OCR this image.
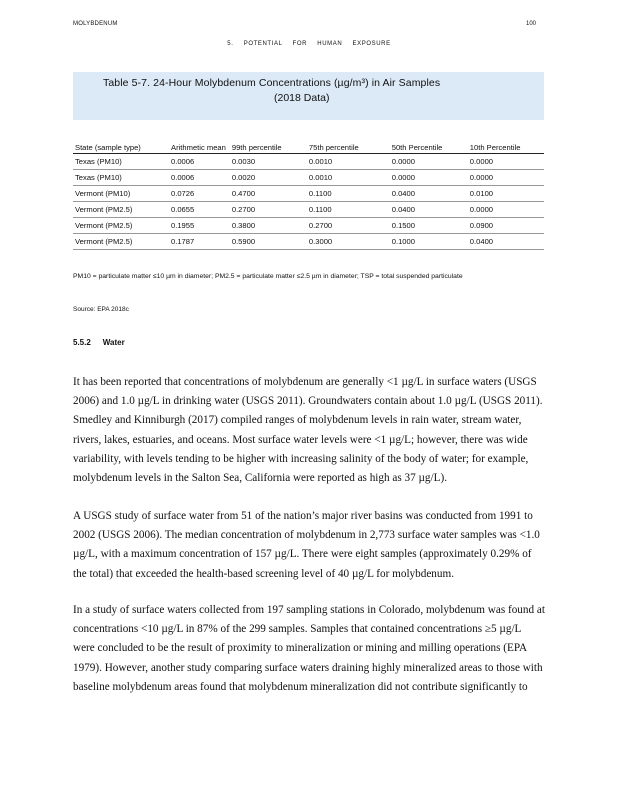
MOLYBDENUM	100
5. POTENTIAL FOR HUMAN EXPOSURE
Table 5-7. 24-Hour Molybdenum Concentrations (µg/m³) in Air Samples
(2018 Data)
State (sample type)	Arithmetic mean	99th percentile	75th percentile	50th Percentile	10th Percentile
Texas (PM10)	0.0006	0.0030	0.0010	0.0000	0.0000
Texas (PM10)	0.0006	0.0020	0.0010	0.0000	0.0000
Vermont (PM10)	0.0726	0.4700	0.1100	0.0400	0.0100
Vermont (PM2.5)	0.0655	0.2700	0.1100	0.0400	0.0000
Vermont (PM2.5)	0.1955	0.3800	0.2700	0.1500	0.0900
Vermont (PM2.5)	0.1787	0.5900	0.3000	0.1000	0.0400
PM10 = particulate matter ≤10 µm in diameter; PM2.5 = particulate matter ≤2.5 µm in diameter; TSP = total suspended particulate
Source: EPA 2018c
5.5.2 Water

It has been reported that concentrations of molybdenum are generally <1 µg/L in surface waters (USGS 2006) and 1.0 µg/L in drinking water (USGS 2011). Groundwaters contain about 1.0 µg/L (USGS 2011). Smedley and Kinniburgh (2017) compiled ranges of molybdenum levels in rain water, stream water, rivers, lakes, estuaries, and oceans. Most surface water levels were <1 µg/L; however, there was wide variability, with levels tending to be higher with increasing salinity of the body of water; for example, molybdenum levels in the Salton Sea, California were reported as high as 37 µg/L).

A USGS study of surface water from 51 of the nation’s major river basins was conducted from 1991 to 2002 (USGS 2006). The median concentration of molybdenum in 2,773 surface water samples was <1.0 µg/L, with a maximum concentration of 157 µg/L. There were eight samples (approximately 0.29% of the total) that exceeded the health-based screening level of 40 µg/L for molybdenum.

In a study of surface waters collected from 197 sampling stations in Colorado, molybdenum was found at concentrations <10 µg/L in 87% of the 299 samples. Samples that contained concentrations ≥5 µg/L were concluded to be the result of proximity to mineralization or mining and milling operations (EPA 1979). However, another study comparing surface waters draining highly mineralized areas to those with baseline molybdenum areas found that molybdenum mineralization did not contribute significantly to
